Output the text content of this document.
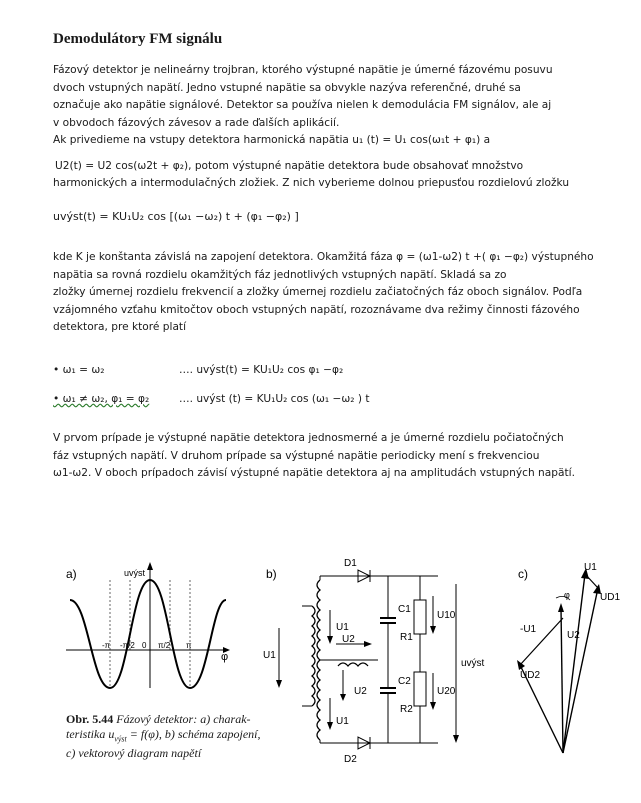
Demodulátory FM signálu
Fázový detektor je nelineárny trojbran, ktorého výstupné napätie je úmerné fázovému posuvu
dvoch vstupných napätí. Jedno vstupné napätie sa obvykle nazýva referenčné, druhé sa
označuje ako napätie signálové. Detektor sa používa nielen k demodulácia FM signálov, ale aj
v obvodoch fázových závesov a rade ďalších aplikácií.
Ak privedieme na vstupy detektora harmonická napätia u₁ (t) = U₁ cos(ω₁t + φ₁) a
U2(t) = U2 cos(ω2t + φ₂), potom výstupné napätie detektora bude obsahovať množstvo
harmonických a intermodulačných zložiek. Z nich vyberieme dolnou priepusťou rozdielovú zložku
uvýst(t) = KU₁U₂ cos [(ω₁ −ω₂) t + (φ₁ −φ₂) ]
kde K je konštanta závislá na zapojení detektora. Okamžitá fáza φ = (ω1-ω2) t +( φ₁ −φ₂) výstupného
napätia sa rovná rozdielu okamžitých fáz jednotlivých vstupných napätí. Skladá sa zo
zložky úmernej rozdielu frekvencií a zložky úmernej rozdielu začiatočných fáz oboch signálov. Podľa
vzájomného vzťahu kmitočtov oboch vstupných napätí, rozoznávame dva režimy činnosti fázového
detektora, pre ktoré platí
• ω₁ = ω₂	…. uvýst(t) = KU₁U₂ cos φ₁ −φ₂
• ω₁ ≠ ω₂, φ₁ = φ₂	…. uvýst (t) = KU₁U₂ cos (ω₁ −ω₂ ) t
V prvom prípade je výstupné napätie detektora jednosmerné a je úmerné rozdielu počiatočných
fáz vstupných napätí. V druhom prípade sa výstupné napätie periodicky mení s frekvenciou
ω1-ω2. V oboch prípadoch závisí výstupné napätie detektora aj na amplitudách vstupných napätí.
a)	uvýst
φ
-π -π/2 0 π/2 π
b)
U1
U2
U2
U1
U1
D1
D2
C1
C2
R1
R2
U10
U20
uvýst
c)	U1
UD1
-U1
U2
UD2
φ
Obr. 5.44 Fázový detektor: a) charak-
teristika $u_{výst} = f(\varphi)$, b) schéma zapojení,
c) vektorový diagram napětí
